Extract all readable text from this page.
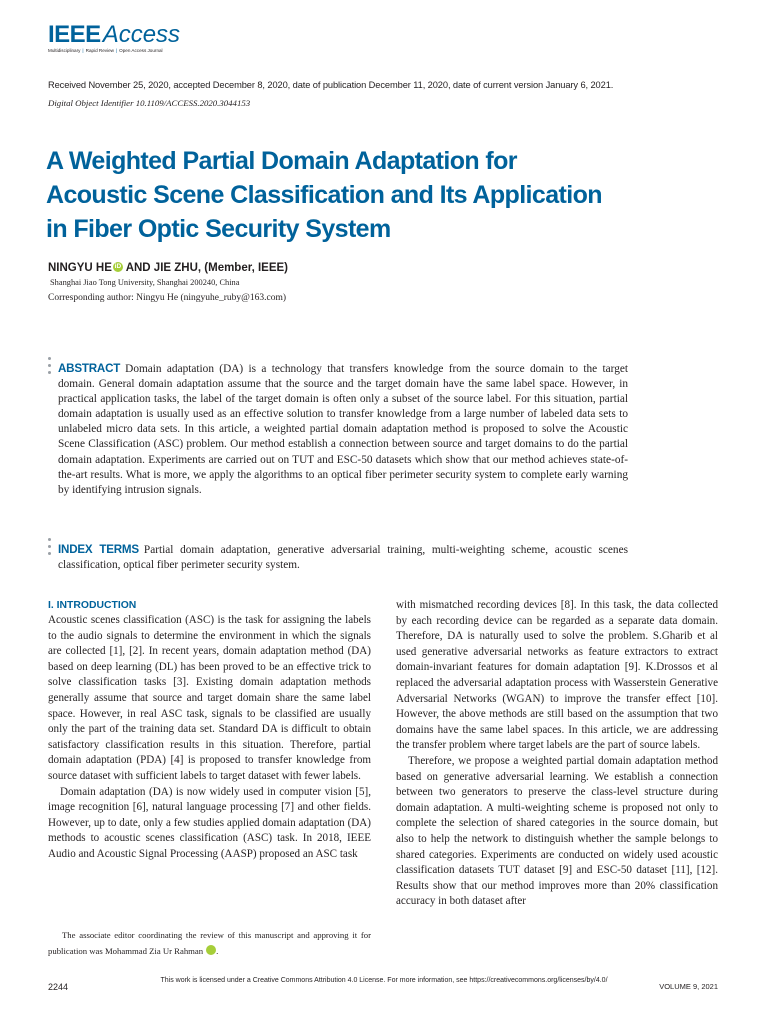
IEEEAccess
Multidisciplinary | Rapid Review | Open Access Journal
Received November 25, 2020, accepted December 8, 2020, date of publication December 11, 2020, date of current version January 6, 2021.
Digital Object Identifier 10.1109/ACCESS.2020.3044153
A Weighted Partial Domain Adaptation for
Acoustic Scene Classification and Its Application
in Fiber Optic Security System
NINGYU HE iD AND JIE ZHU, (Member, IEEE)
Shanghai Jiao Tong University, Shanghai 200240, China
Corresponding author: Ningyu He (ningyuhe_ruby@163.com)
ABSTRACT Domain adaptation (DA) is a technology that transfers knowledge from the source domain to the target domain. General domain adaptation assume that the source and the target domain have the same label space. However, in practical application tasks, the label of the target domain is often only a subset of the source label. For this situation, partial domain adaptation is usually used as an effective solution to transfer knowledge from a large number of labeled data sets to unlabeled micro data sets. In this article, a weighted partial domain adaptation method is proposed to solve the Acoustic Scene Classification (ASC) problem. Our method establish a connection between source and target domains to do the partial domain adaptation. Experiments are carried out on TUT and ESC-50 datasets which show that our method achieves state-of-the-art results. What is more, we apply the algorithms to an optical fiber perimeter security system to complete early warning by identifying intrusion signals.
INDEX TERMS Partial domain adaptation, generative adversarial training, multi-weighting scheme, acoustic scenes classification, optical fiber perimeter security system.
I. INTRODUCTION

Acoustic scenes classification (ASC) is the task for assigning the labels to the audio signals to determine the environment in which the signals are collected [1], [2]. In recent years, domain adaptation method (DA) based on deep learning (DL) has been proved to be an effective trick to solve classification tasks [3]. Existing domain adaptation methods generally assume that source and target domain share the same label space. However, in real ASC task, signals to be classified are usually only the part of the training data set. Standard DA is difficult to obtain satisfactory classification results in this situation. Therefore, partial domain adaptation (PDA) [4] is proposed to transfer knowledge from source dataset with sufficient labels to target dataset with fewer labels.

Domain adaptation (DA) is now widely used in computer vision [5], image recognition [6], natural language processing [7] and other fields. However, up to date, only a few studies applied domain adaptation (DA) methods to acoustic scenes classification (ASC) task. In 2018, IEEE Audio and Acoustic Signal Processing (AASP) proposed an ASC task

with mismatched recording devices [8]. In this task, the data collected by each recording device can be regarded as a separate data domain. Therefore, DA is naturally used to solve the problem. S.Gharib et al used generative adversarial networks as feature extractors to extract domain-invariant features for domain adaptation [9]. K.Drossos et al replaced the adversarial adaptation process with Wasserstein Generative Adversarial Networks (WGAN) to improve the transfer effect [10]. However, the above methods are still based on the assumption that two domains have the same label spaces. In this article, we are addressing the transfer problem where target labels are the part of source labels.

Therefore, we propose a weighted partial domain adaptation method based on generative adversarial learning. We establish a connection between two generators to preserve the class-level structure during domain adaptation. A multi-weighting scheme is proposed not only to complete the selection of shared categories in the source domain, but also to help the network to distinguish whether the sample belongs to shared categories. Experiments are conducted on widely used acoustic classification datasets TUT dataset [9] and ESC-50 dataset [11], [12]. Results show that our method improves more than 20% classification accuracy in both dataset after

The associate editor coordinating the review of this manuscript and approving it for publication was Mohammad Zia Ur Rahman	iD.

2244
This work is licensed under a Creative Commons Attribution 4.0 License. For more information, see https://creativecommons.org/licenses/by/4.0/
VOLUME 9, 2021
